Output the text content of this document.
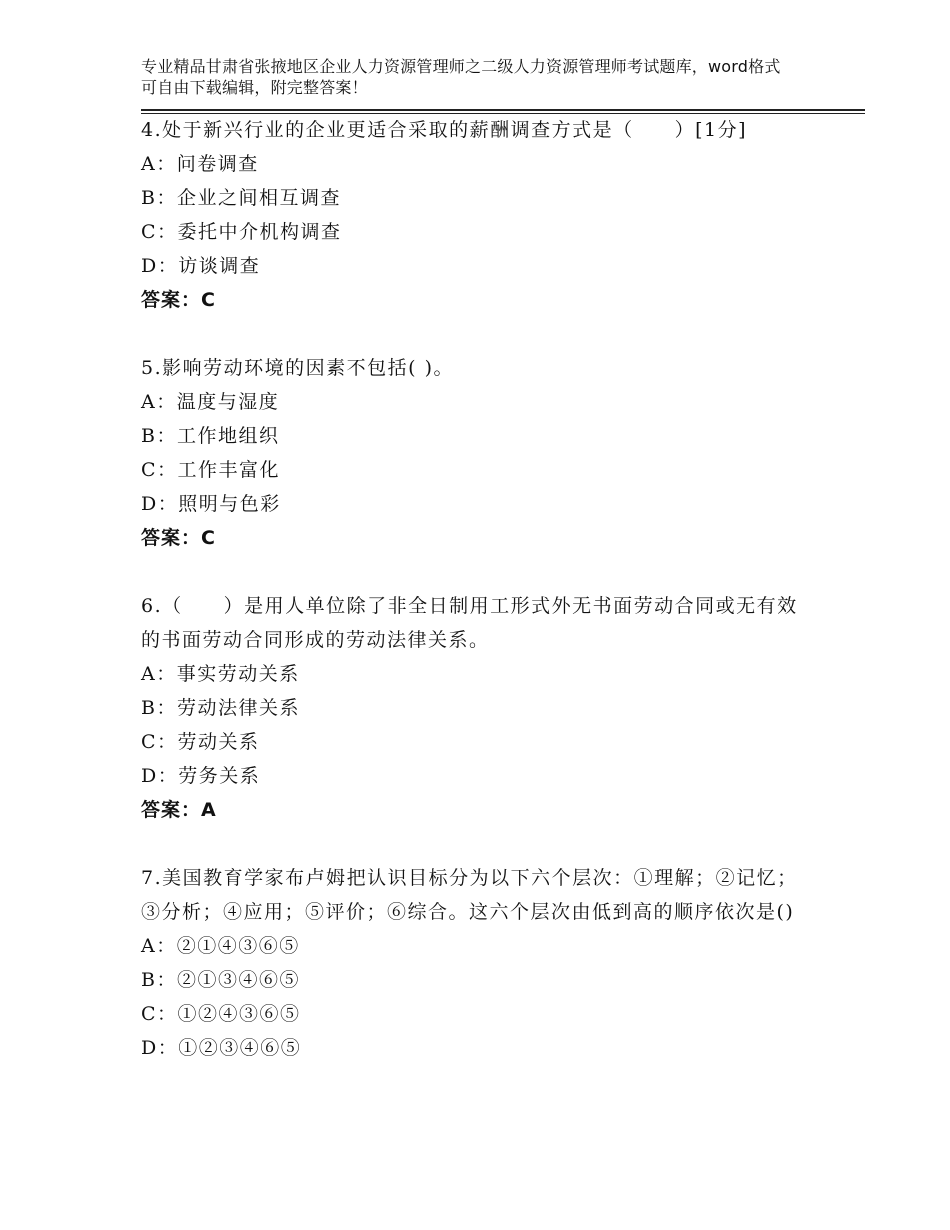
专业精品甘肃省张掖地区企业人力资源管理师之二级人力资源管理师考试题库，word格式可自由下载编辑，附完整答案！
4.处于新兴行业的企业更适合采取的薪酬调查方式是（　　）[1分]
A：问卷调查
B：企业之间相互调查
C：委托中介机构调查
D：访谈调查
答案：C
5.影响劳动环境的因素不包括( )。
A：温度与湿度
B：工作地组织
C：工作丰富化
D：照明与色彩
答案：C
6.（　　）是用人单位除了非全日制用工形式外无书面劳动合同或无有效的书面劳动合同形成的劳动法律关系。
A：事实劳动关系
B：劳动法律关系
C：劳动关系
D：劳务关系
答案：A
7.美国教育学家布卢姆把认识目标分为以下六个层次：①理解；②记忆；③分析；④应用；⑤评价；⑥综合。这六个层次由低到高的顺序依次是()
A：②①④③⑥⑤
B：②①③④⑥⑤
C：①②④③⑥⑤
D：①②③④⑥⑤
